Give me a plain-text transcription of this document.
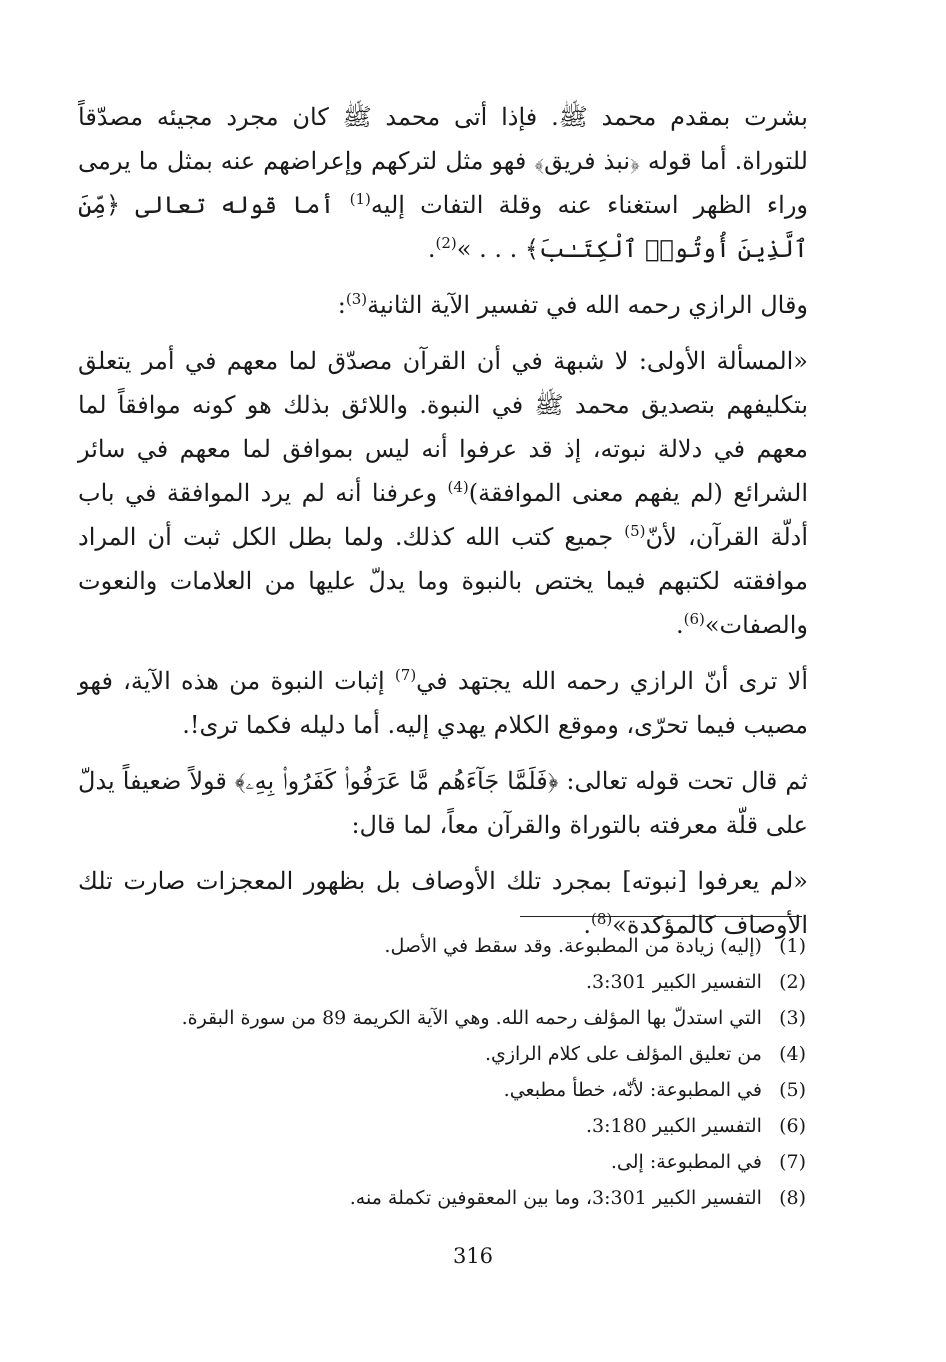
بشرت بمقدم محمد ﷺ. فإذا أتى محمد ﷺ كان مجرد مجيئه مصدّقاً للتوراة. أما قوله ﴿نبذ فريق﴾ فهو مثل لتركهم وإعراضهم عنه بمثل ما يرمى وراء الظهر استغناء عنه وقلة التفات إليه$^{(1)}$ أما قوله تعالى ﴿مِّنَ ٱلَّذِينَ أُوتُوا۟ ٱلْكِتَـٰبَ﴾ . . . »$^{(2)}$.

وقال الرازي رحمه الله في تفسير الآية الثانية$^{(3)}$:

«المسألة الأولى: لا شبهة في أن القرآن مصدّق لما معهم في أمر يتعلق بتكليفهم بتصديق محمد ﷺ في النبوة. واللائق بذلك هو كونه موافقاً لما معهم في دلالة نبوته، إذ قد عرفوا أنه ليس بموافق لما معهم في سائر الشرائع (لم يفهم معنى الموافقة)$^{(4)}$ وعرفنا أنه لم يرد الموافقة في باب أدلّة القرآن، لأنّ$^{(5)}$ جميع كتب الله كذلك. ولما بطل الكل ثبت أن المراد موافقته لكتبهم فيما يختص بالنبوة وما يدلّ عليها من العلامات والنعوت والصفات»$^{(6)}$.

ألا ترى أنّ الرازي رحمه الله يجتهد في$^{(7)}$ إثبات النبوة من هذه الآية، فهو مصيب فيما تحرّى، وموقع الكلام يهدي إليه. أما دليله فكما ترى!.

ثم قال تحت قوله تعالى: ﴿فَلَمَّا جَآءَهُم مَّا عَرَفُوا۟ كَفَرُوا۟ بِهِۦ﴾ قولاً ضعيفاً يدلّ على قلّة معرفته بالتوراة والقرآن معاً، لما قال:

«لم يعرفوا [نبوته] بمجرد تلك الأوصاف بل بظهور المعجزات صارت تلك الأوصاف كالمؤكدة»$^{(8)}$.

(1) (إليه) زيادة من المطبوعة. وقد سقط في الأصل.
(2) التفسير الكبير 3:301.
(3) التي استدلّ بها المؤلف رحمه الله. وهي الآية الكريمة 89 من سورة البقرة.
(4) من تعليق المؤلف على كلام الرازي.
(5) في المطبوعة: لأنّه، خطأ مطبعي.
(6) التفسير الكبير 3:180.
(7) في المطبوعة: إلى.
(8) التفسير الكبير 3:301، وما بين المعقوفين تكملة منه.
316
